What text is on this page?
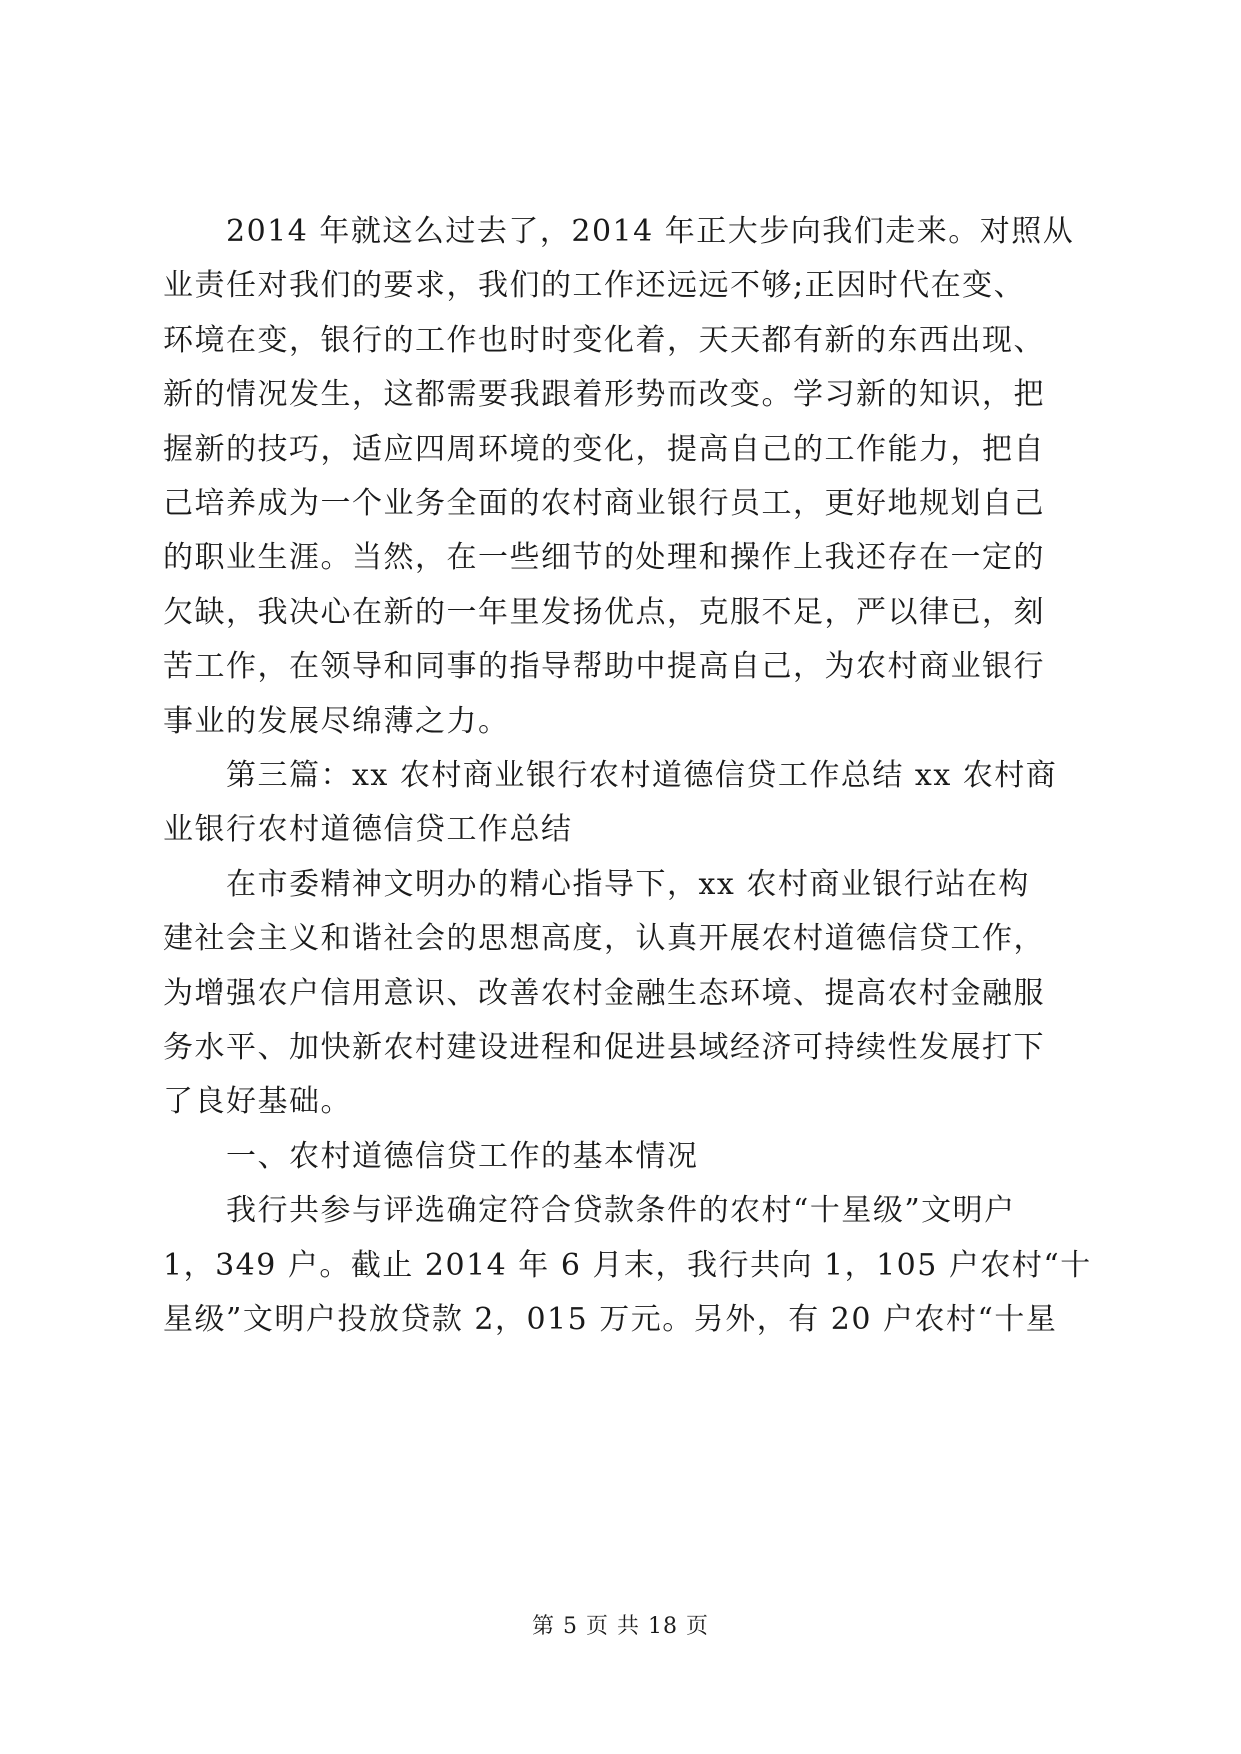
　　2014 年就这么过去了，2014 年正大步向我们走来。对照从
业责任对我们的要求，我们的工作还远远不够;正因时代在变、
环境在变，银行的工作也时时变化着，天天都有新的东西出现、
新的情况发生，这都需要我跟着形势而改变。学习新的知识，把
握新的技巧，适应四周环境的变化，提高自己的工作能力，把自
己培养成为一个业务全面的农村商业银行员工，更好地规划自己
的职业生涯。当然，在一些细节的处理和操作上我还存在一定的
欠缺，我决心在新的一年里发扬优点，克服不足，严以律已，刻
苦工作，在领导和同事的指导帮助中提高自己，为农村商业银行
事业的发展尽绵薄之力。
　　第三篇：xx 农村商业银行农村道德信贷工作总结 xx 农村商
业银行农村道德信贷工作总结
　　在市委精神文明办的精心指导下，xx 农村商业银行站在构
建社会主义和谐社会的思想高度，认真开展农村道德信贷工作，
为增强农户信用意识、改善农村金融生态环境、提高农村金融服
务水平、加快新农村建设进程和促进县域经济可持续性发展打下
了良好基础。
　　一、农村道德信贷工作的基本情况
　　我行共参与评选确定符合贷款条件的农村“十星级”文明户
1，349 户。截止 2014 年 6 月末，我行共向 1，105 户农村“十
星级”文明户投放贷款 2，015 万元。另外，有 20 户农村“十星
第 5 页 共 18 页
